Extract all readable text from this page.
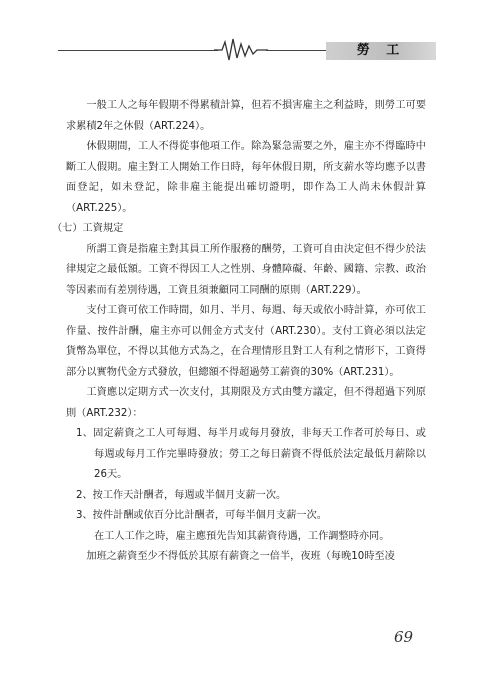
勞 工

一般工人之每年假期不得累積計算，但若不損害雇主之利益時，則勞工可要求累積2年之休假（ART.224）。

休假期間，工人不得從事他項工作。除為緊急需要之外，雇主亦不得臨時中斷工人假期。雇主對工人開始工作日時，每年休假日期，所支薪水等均應予以書面登記，如未登記，除非雇主能提出確切證明，即作為工人尚未休假計算（ART.225）。

（七）工資規定

所謂工資是指雇主對其員工所作服務的酬勞，工資可自由決定但不得少於法律規定之最低額。工資不得因工人之性別、身體障礙、年齡、國籍、宗教、政治等因素而有差別待遇，工資且須兼顧同工同酬的原則（ART.229）。

支付工資可依工作時間，如月、半月、每週、每天或依小時計算，亦可依工作量、按件計酬，雇主亦可以佣金方式支付（ART.230）。支付工資必須以法定貨幣為單位，不得以其他方式為之，在合理情形且對工人有利之情形下，工資得部分以實物代金方式發放，但總額不得超過勞工薪資的30%（ART.231）。

工資應以定期方式一次支付，其期限及方式由雙方議定，但不得超過下列原則（ART.232）：

1、固定薪資之工人可每週、每半月或每月發放，非每天工作者可於每日、或每週或每月工作完畢時發放；勞工之每日薪資不得低於法定最低月薪除以26天。

2、按工作天計酬者，每週或半個月支薪一次。

3、按件計酬或依百分比計酬者，可每半個月支薪一次。

在工人工作之時，雇主應預先告知其薪資待遇，工作調整時亦同。

加班之薪資至少不得低於其原有薪資之一倍半，夜班（每晚10時至凌

69
